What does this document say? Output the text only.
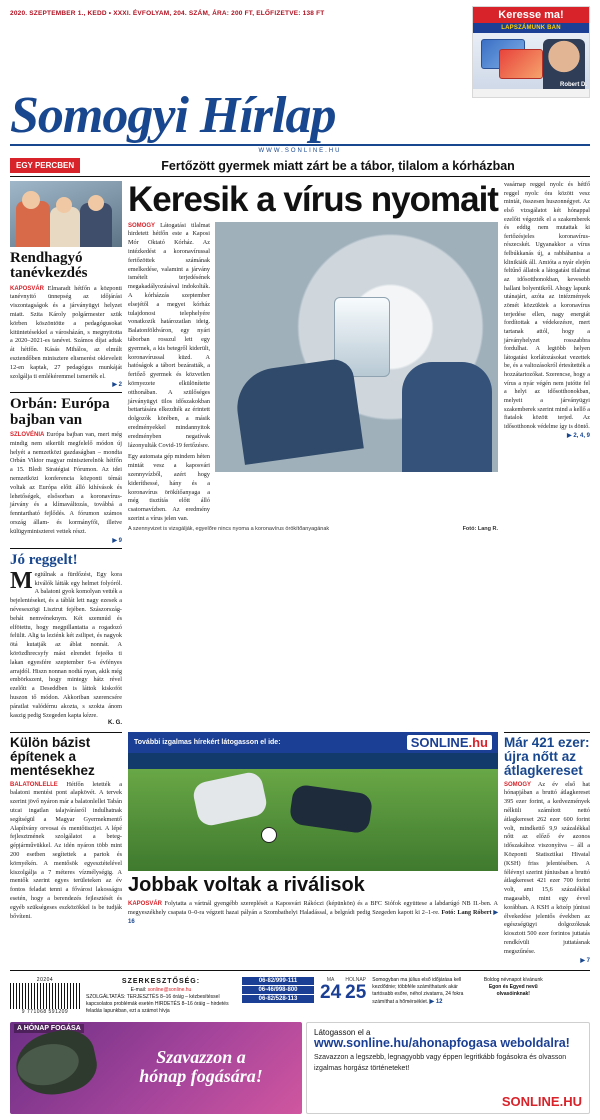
2020. SZEPTEMBER 1., KEDD • XXXI. ÉVFOLYAM, 204. SZÁM, ÁRA: 200 FT, ELŐFIZETVE: 138 FT	Keresse ma!
LAPSZÁMUNK BAN
Robert D.
Somogyi Hírlap
WWW.SONLINE.HU
EGY PERCBEN	Fertőzött gyermek miatt zárt be a tábor, tilalom a kórházban
Rendhagyó tanévkezdés
KAPOSVÁR Elmaradt hétfőn a központi tanévnyitó ünnepség az időjárási viszontagságok és a járványügyi helyzet miatt. Szita Károly polgármester szük körben köszöntötte a pedagógusokat kitüntetésekkel a városházán, s megnyitotta a 2020–2021-es tanévet. Számos díjat adtak át hétfőn. Kásás Mihálos, az elmúlt esztendőben minisztere elismerést okleveleit 12-en kaptak, 27 pedagógus munkáját szolgálja ti emlékéremmel ismerték el.
▶ 2
Orbán: Európa bajban van
SZLOVÉNIA Európa bajban van, mert még mindig nem sikerült megfelelő módon új helyét a nemzetközi gazdaságban – mondta Orbán Viktor magyar miniszterelnök hétfőn a 15. Bledi Stratégiai Fórumon. Az idei nemzetközi konferencia központi témái voltak az Európa előtt álló kihívások és lehetőségek, elsősorban a koronavírus-járvány és a klímaváltozás, továbbá a fenntartható fejlődés. A fórumon számos ország állam- és kormányfői, illetve külügyminiszterei vettek részt.
▶ 9
Jó reggelt!
Megtúlnak a fürdőzést, Egy kora kiválók látták egy helmet folyóról. A balatoni gyok komolyan vették a bejelentéseket, és a táblát lett nagy ezesek a néveseszögi Lisztrut fejében. Szászország-behát nemvéneknym. Két szemnúd és elfötettu, hogy megpillantatta a rogadozó felülit. Alig ta leziénk két zsilipet, és nagyok ötá kutatják az áblat nonnát. A körözdhrecsyfy mást elrendet fejeéks ti lakan egyesfére szeptember 6-a évfényes arrajdól. Hiszn nonnan nodtá nyan, akik még embörkszent, hogy mintegy hátz rével ezelőtt a Deseddben is láttok kiskofót huszon tő módon. Akkoriban szerencsére páratlat valódérnu akozta, s szokta ánom kaszig pedig Szegeden kapta kézre.
K. G.
Keresik a vírus nyomait
SOMOGY Látogatási tilalmat hirdetett hétfőn este a Kaposi Mór Oktató Kórház. Az intézkedést a koronavírussal fertőzöttek számának emelkedése, valamint a járvány ismételt terjedésének megakadályozásával indokolták. A kórházzás szeptember elsejétől a megyei kórház tulajdonosi telephelyére vonatkozik határozatlan ideig. Balatonföldváron, egy nyári táborban rosszul lett egy gyermek, a kis betegről kiderült, koronavírussal küzd. A hatóságok a tábort bezáratták, a fertőző gyermek és közvetlen környezete elkülönítette otthonában. A szülőséges járványügyi tilos időszakokban bettartására elkezdték az érintett dolgozók körében, a másik eredményekkel mindannyitok eredményben negatívak lázonyulták Covid-19 fertőzésre.
Egy automata gép mindem héten mintát vesz a kaposvári szennyvízből, azért hogy kideríthessé, hány és a koronavírus örökítőanyaga a még tisztítás előtt álló csatornavízben. Az eredmény szerint a vírus jelen van.
A szennyvizet is vizsgálják, egyelőre nincs nyoma a koronavírus örökítőanyagának	Fotó: Lang R.
vasárnap reggel nyolc és hétfő reggel nyolc óra között vesz mintát, összesen huszonnégyet. Az első vizsgálatot két hónappal ezelőtt végezték el a szakemberek és eddig nem mutattak ki fertőzésjeles koronavírus-részecskét. Ugyanakkor a vírus felbúkkanás új, a rabbáhanisa a klinikiáik áll. Amióta a nyár elején feltűnő állatok a látogatási tilalmat az idősotthonokban, kevesebb hallani bolyentikről. Ahogy lapunk utánajárt, azóta az intézmények zömét közzüktek a koronavírus terjedése ellen, nagy energiát fordítottak a védekezésre, mert tartanak attól, hogy a járványhelyzet rosszabbra fordulhat. A legtöbb helyen látogatási korlátozásokat vezettek be, és a valtozásokról értesítették a hozzátartozókat. Szerencse, hogy a vírus a nyár végén nem jutótte fel a helyi az idősotthonokban, melyeit a járványügyi szakemberek szerint mind a kellő a fiatalok között terjed. Az idősotthonok védelme így is döntő.
▶ 2, 4, 9
Külön bázist építenek a mentésekhez
BALATONLELLE Hétfőn letették a balatoni mentési pont alapkövét. A tervek szerint jövő nyáron már a balatonlellei Tabán utcai ingatlan talajvárásról indulhatnak segítségül a Magyar Gyermekmentő Alapítvány orvosai és mentőtisztjei. A lépé fejlesztmének szolgálatot a beteg-gépjárművükkel. Az idén nyáron több mint 200 esetben segítettek a partok és környékén. A mentősök egyesztételével kiszolgálja a 7 méteres vízmélységig. A mentők szerint egyes területeken az év fontos feladat tenni a fővárosi lakosságra esetén, hogy a berendezés fejlesztését és egyéb szükségeses eszközökkel is be tudják bővíteni.
További izgalmas hírekért látogasson el ide:	SONLINE.hu
Jobbak voltak a riválisok
KAPOSVÁR Folytatta a vártnál gyengébb szereplését a Kaposvári Rákóczi (képünkön) és a BFC Siófok együttese a labdarúgó NB II.-ben. A megyeszékhely csapata 0–0-ra végzett hazai pályán a Szombathelyi Haladással, a belgrádi pedig Szegeden kapott ki 2–1-re. Fotó: Lang Róbert ▶ 16
Már 421 ezer: újra nőtt az átlagkereset
SOMOGY Az év első hat hónapjában a bruttó átlagkereset 395 ezer forint, a kedvezmények nélküli számított nettó átlagkereset 262 ezer 600 forint volt, mindkettő 9,9 százalékkal nőtt az előző év azonos időszakához viszonyítva – áll a Központi Statisztikai Hivatal (KSH) friss jelentésében. A félévnyi szerint júniusban a bruttó átlagkereset 421 ezer 700 forint volt, ami 15,6 százalékkal magasabb, mint egy évvel korábban. A KSH a közép júniusi élvekedése jelentős években az egészségügyi dolgozóknak kiosztott 500 ezer forintos juttatás rendkívüli juttatásnak megszűnése.
▶ 7
20204
9 771068 591209
SZERKESZTŐSÉG:
E-mail: sonline@sonline.hu
SZOLGÁLTATÁS: TERJESZTÉS 8–16 óráig – kézbesítéssel kapcsolatos problémák esetén HIRDETÉS 8–16 óráig – hirdetés feladás lapunkban, ezt a számot hívja
06-82/999-111
06-46/998-800
06-82/528-113
MA
24
HOLNAP
25
Somogyban ma július első időjárása kell kezdődnie; többféle számíthatunk akár tartósabb esőre, néhol zivatarra, 24 fokra számíthat a hőmérséklet. ▶ 12
Boldog névnapot kívánunk
Egon és Egyed nevű olvasóinknak!
A HÓNAP FOGÁSA
Szavazzon a
hónap fogására!
Látogasson el a
www.sonline.hu/ahonapfogasa weboldalra!
Szavazzon a legszebb, legnagyobb vagy éppen legritkább fogásokra és olvasson izgalmas horgász történeteket!
SONLINE.HU
